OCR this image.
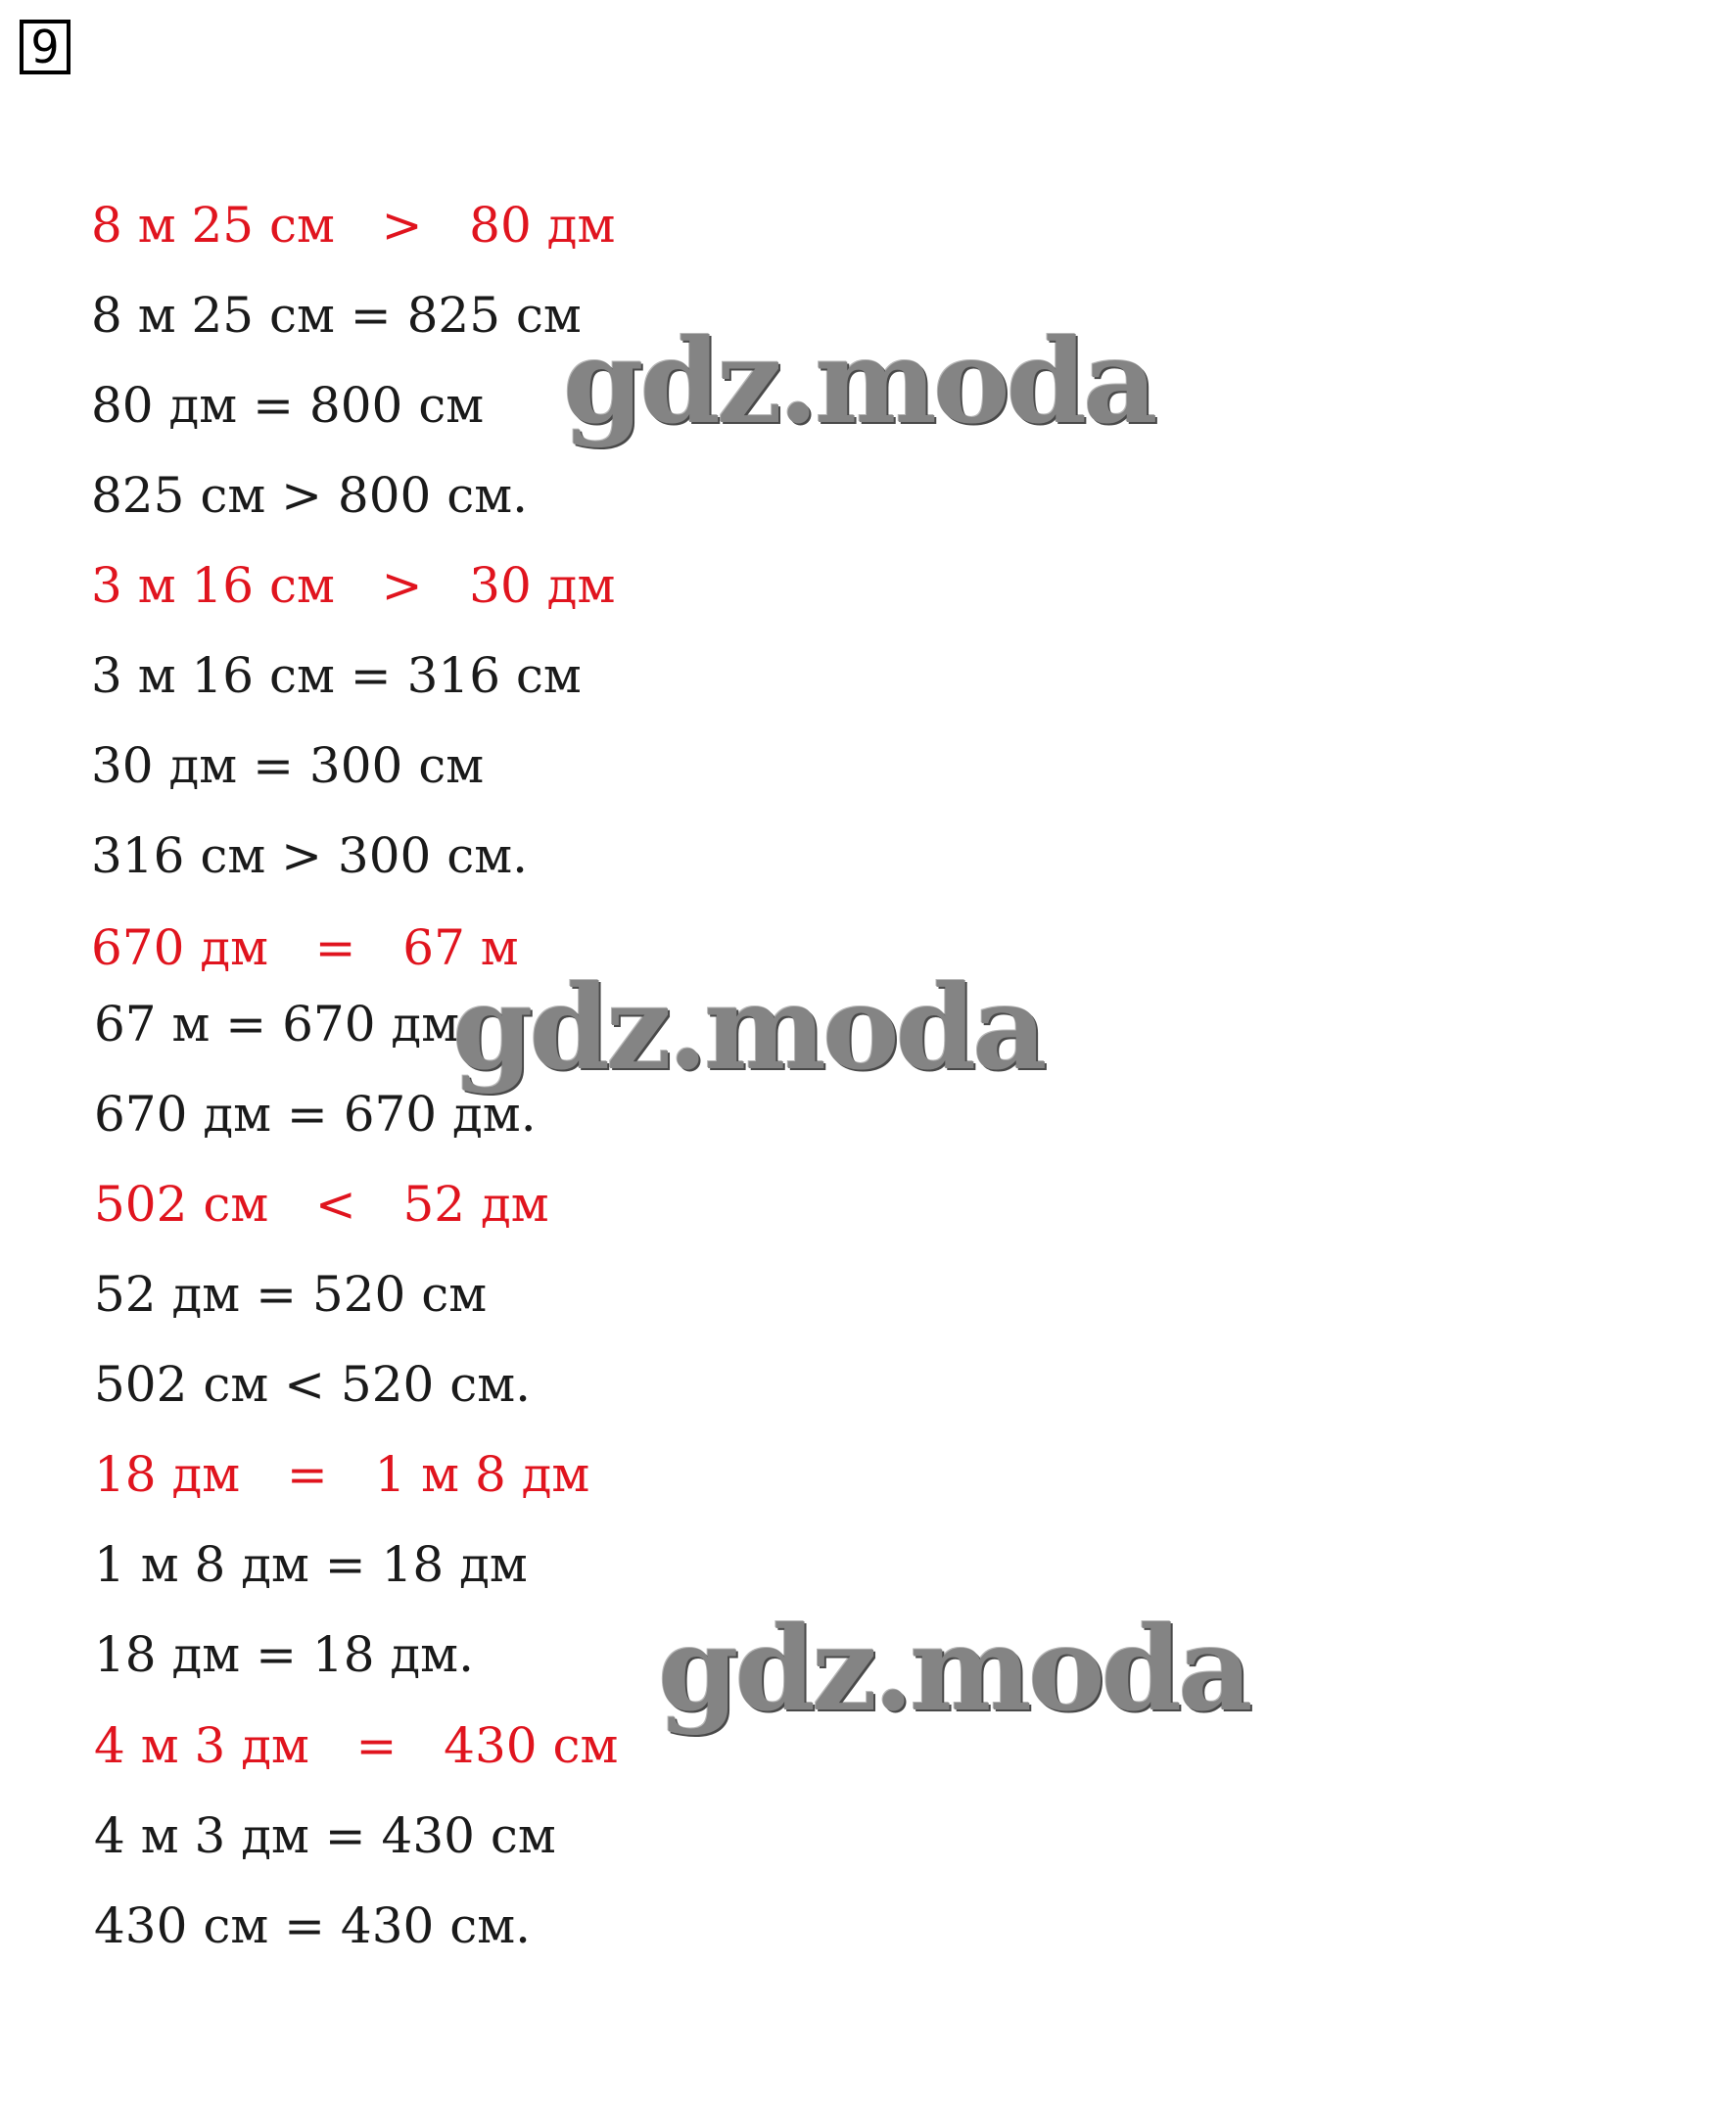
9
8 м 25 см   >   80 дм
8 м 25 см = 825 см
80 дм = 800 см
825 см > 800 см.
3 м 16 см   >   30 дм
3 м 16 см = 316 см
30 дм = 300 см
316 см > 300 см.
670 дм   =   67 м
67 м = 670 дм
670 дм = 670 дм.
502 см   <   52 дм
52 дм = 520 см
502 см < 520 см.
18 дм   =   1 м 8 дм
1 м 8 дм = 18 дм
18 дм = 18 дм.
4 м 3 дм   =   430 см
4 м 3 дм = 430 см
430 см = 430 см.
gdz.moda
gdz.moda
gdz.moda
